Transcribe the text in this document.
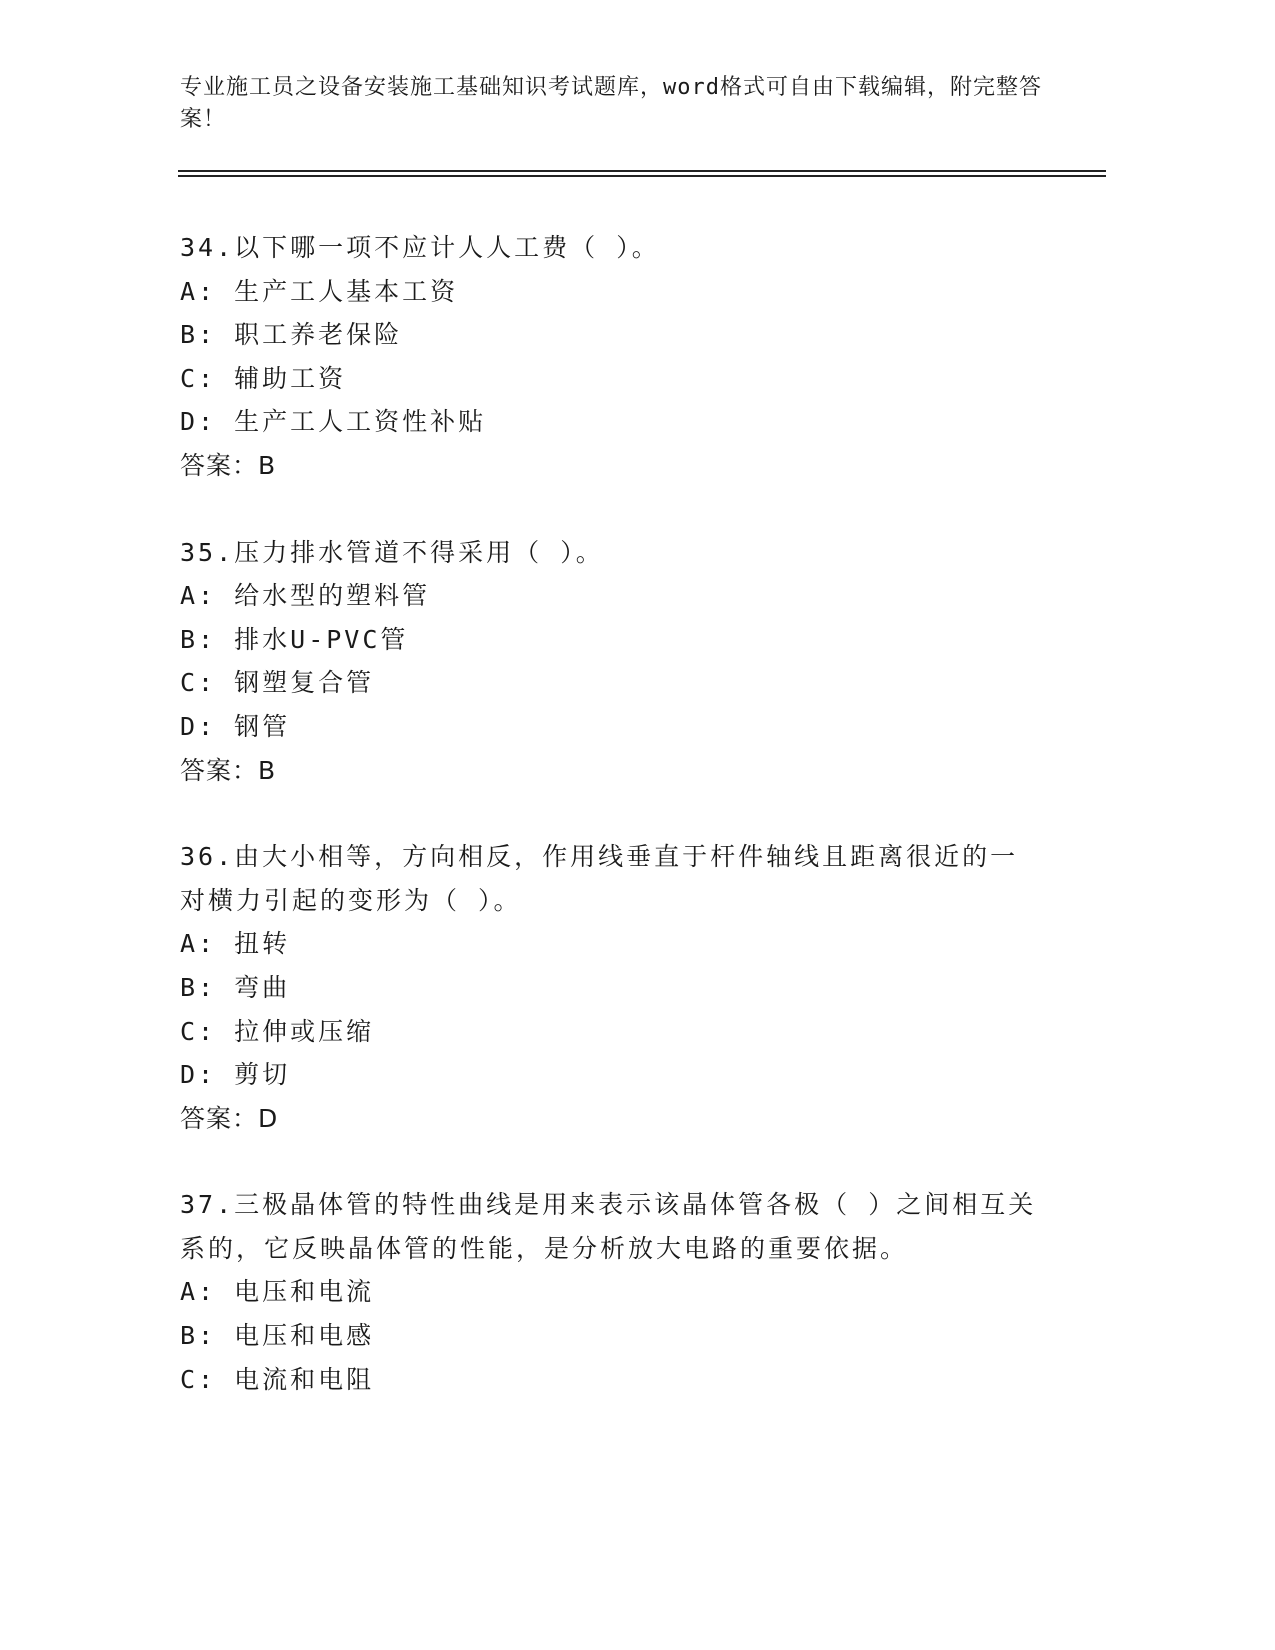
专业施工员之设备安装施工基础知识考试题库，word格式可自由下载编辑，附完整答案！
34.以下哪一项不应计人人工费（ ）。
A: 生产工人基本工资
B: 职工养老保险
C: 辅助工资
D: 生产工人工资性补贴
答案：B
35.压力排水管道不得采用（ ）。
A: 给水型的塑料管
B: 排水U-PVC管
C: 钢塑复合管
D: 钢管
答案：B
36.由大小相等，方向相反，作用线垂直于杆件轴线且距离很近的一对横力引起的变形为（ ）。
A: 扭转
B: 弯曲
C: 拉伸或压缩
D: 剪切
答案：D
37.三极晶体管的特性曲线是用来表示该晶体管各极（ ）之间相互关系的，它反映晶体管的性能，是分析放大电路的重要依据。
A: 电压和电流
B: 电压和电感
C: 电流和电阻
